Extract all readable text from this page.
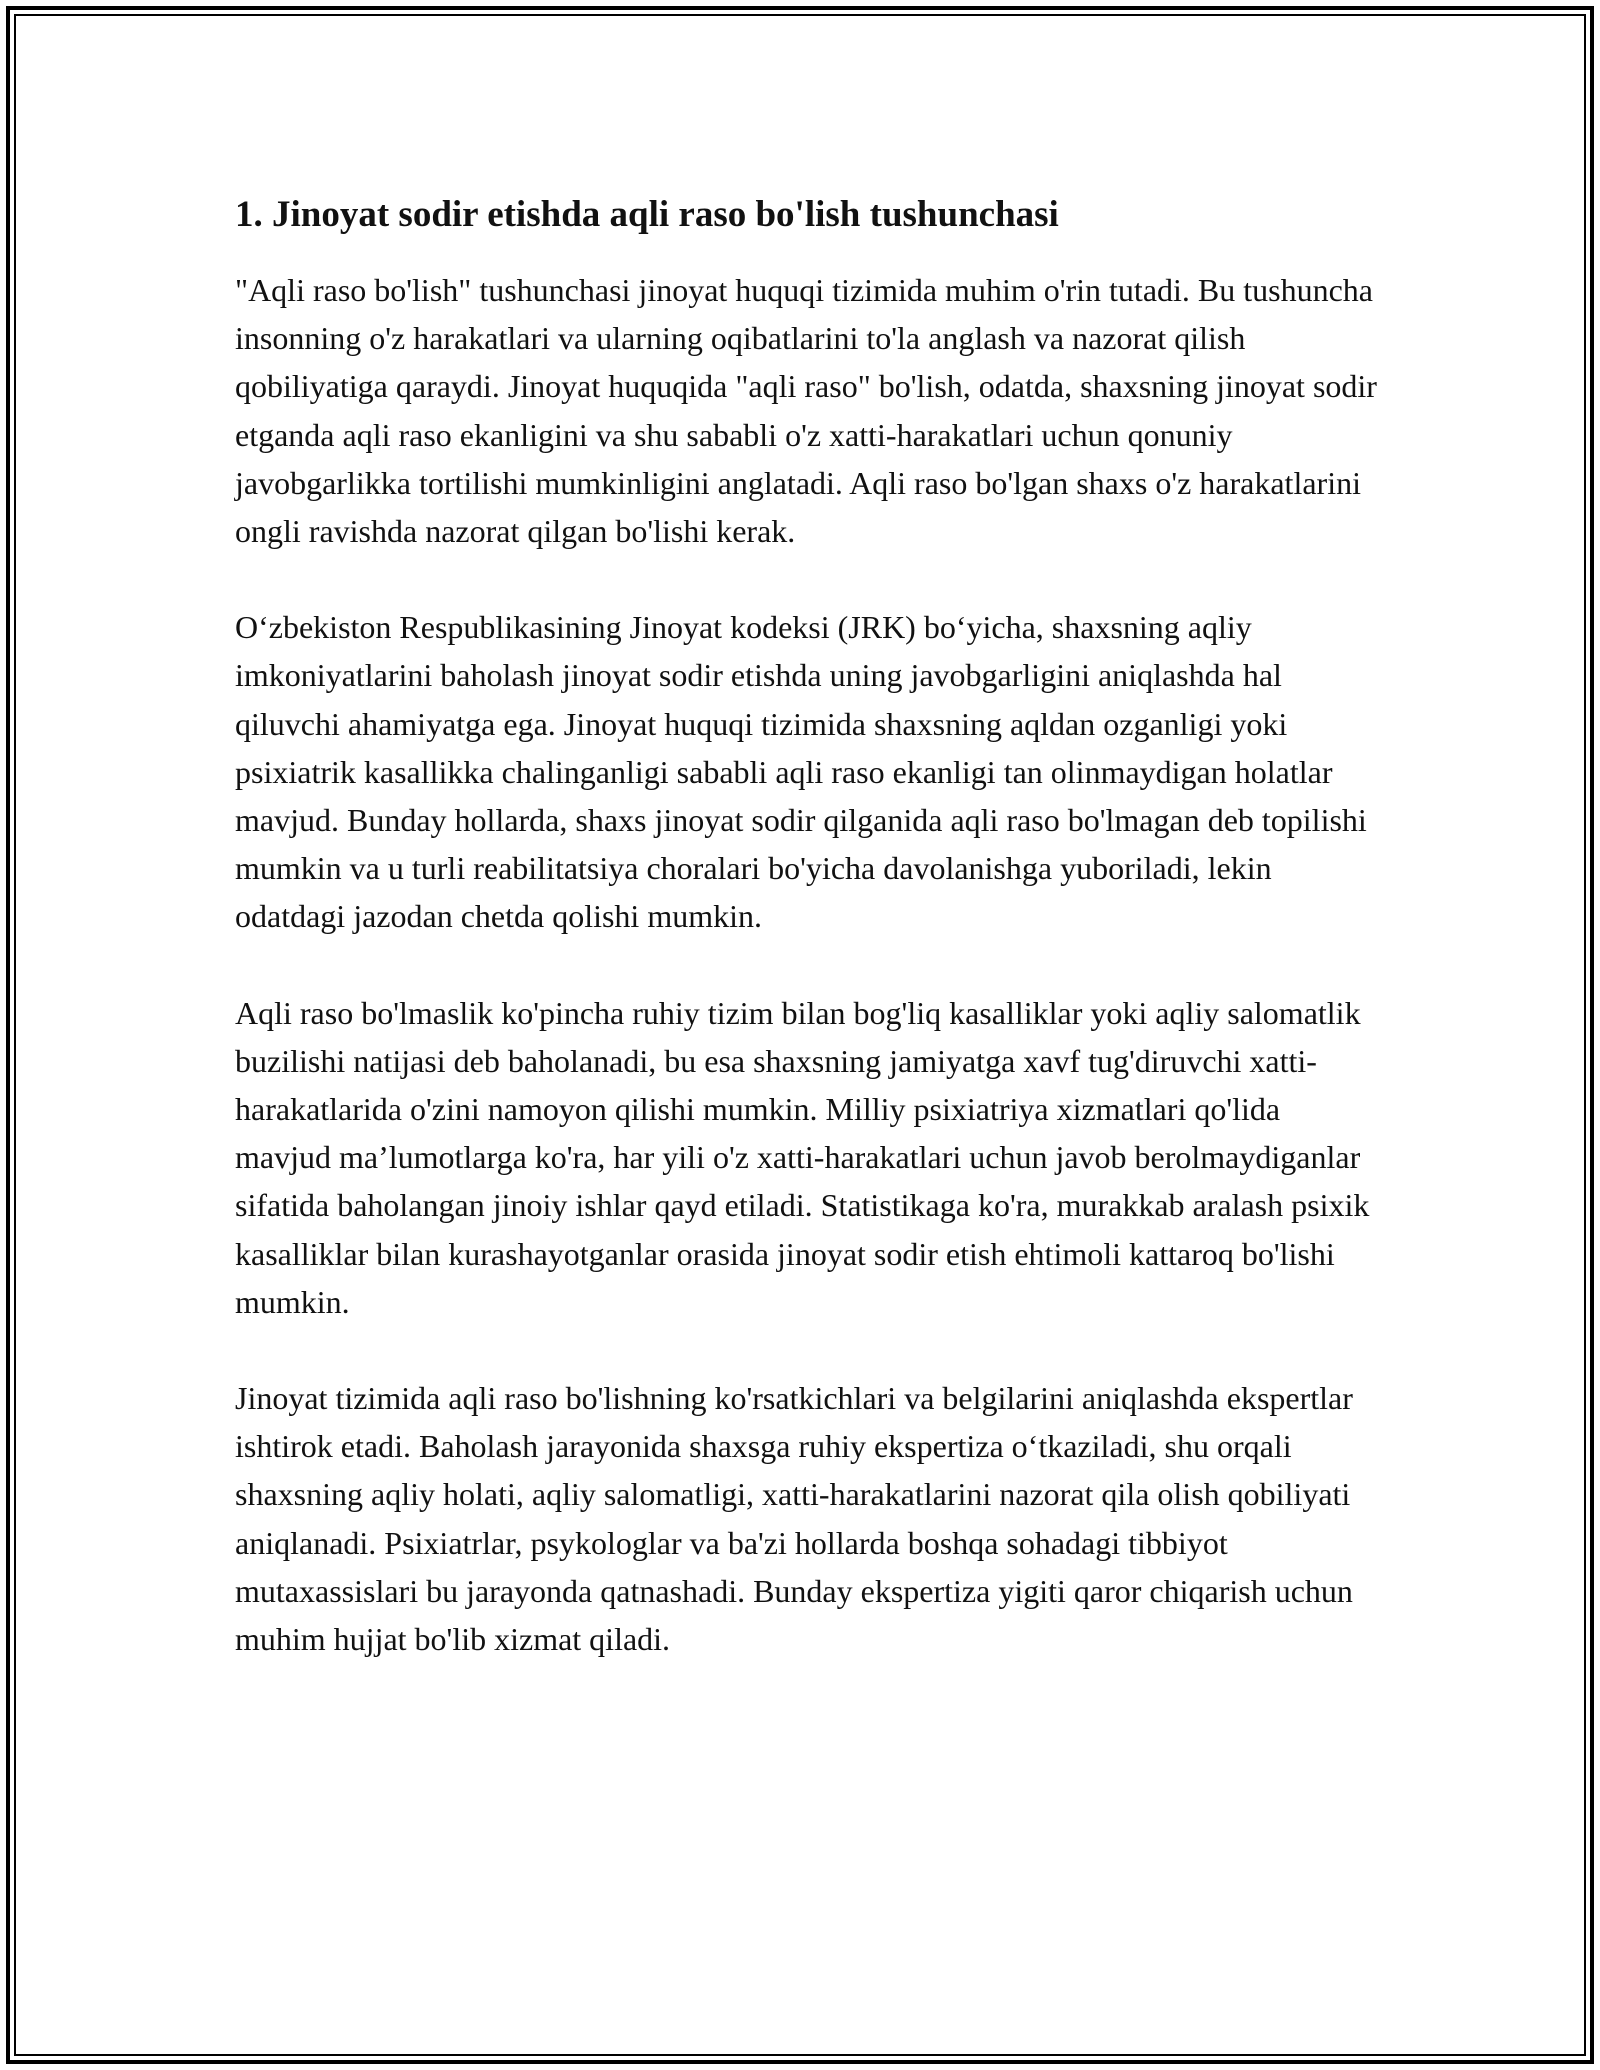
1. Jinoyat sodir etishda aqli raso bo'lish tushunchasi

"Aqli raso bo'lish" tushunchasi jinoyat huquqi tizimida muhim o'rin tutadi. Bu tushuncha insonning o'z harakatlari va ularning oqibatlarini to'la anglash va nazorat qilish qobiliyatiga qaraydi. Jinoyat huquqida "aqli raso" bo'lish, odatda, shaxsning jinoyat sodir etganda aqli raso ekanligini va shu sababli o'z xatti-harakatlari uchun qonuniy javobgarlikka tortilishi mumkinligini anglatadi. Aqli raso bo'lgan shaxs o'z harakatlarini ongli ravishda nazorat qilgan bo'lishi kerak.

O‘zbekiston Respublikasining Jinoyat kodeksi (JRK) bo‘yicha, shaxsning aqliy imkoniyatlarini baholash jinoyat sodir etishda uning javobgarligini aniqlashda hal qiluvchi ahamiyatga ega. Jinoyat huquqi tizimida shaxsning aqldan ozganligi yoki psixiatrik kasallikka chalinganligi sababli aqli raso ekanligi tan olinmaydigan holatlar mavjud. Bunday hollarda, shaxs jinoyat sodir qilganida aqli raso bo'lmagan deb topilishi mumkin va u turli reabilitatsiya choralari bo'yicha davolanishga yuboriladi, lekin odatdagi jazodan chetda qolishi mumkin.

Aqli raso bo'lmaslik ko'pincha ruhiy tizim bilan bog'liq kasalliklar yoki aqliy salomatlik buzilishi natijasi deb baholanadi, bu esa shaxsning jamiyatga xavf tug'diruvchi xatti-harakatlarida o'zini namoyon qilishi mumkin. Milliy psixiatriya xizmatlari qo'lida mavjud ma’lumotlarga ko'ra, har yili o'z xatti-harakatlari uchun javob berolmaydiganlar sifatida baholangan jinoiy ishlar qayd etiladi. Statistikaga ko'ra, murakkab aralash psixik kasalliklar bilan kurashayotganlar orasida jinoyat sodir etish ehtimoli kattaroq bo'lishi mumkin.

Jinoyat tizimida aqli raso bo'lishning ko'rsatkichlari va belgilarini aniqlashda ekspertlar ishtirok etadi. Baholash jarayonida shaxsga ruhiy ekspertiza o‘tkaziladi, shu orqali shaxsning aqliy holati, aqliy salomatligi, xatti-harakatlarini nazorat qila olish qobiliyati aniqlanadi. Psixiatrlar, psykologlar va ba'zi hollarda boshqa sohadagi tibbiyot mutaxassislari bu jarayonda qatnashadi. Bunday ekspertiza yigiti qaror chiqarish uchun muhim hujjat bo'lib xizmat qiladi.
